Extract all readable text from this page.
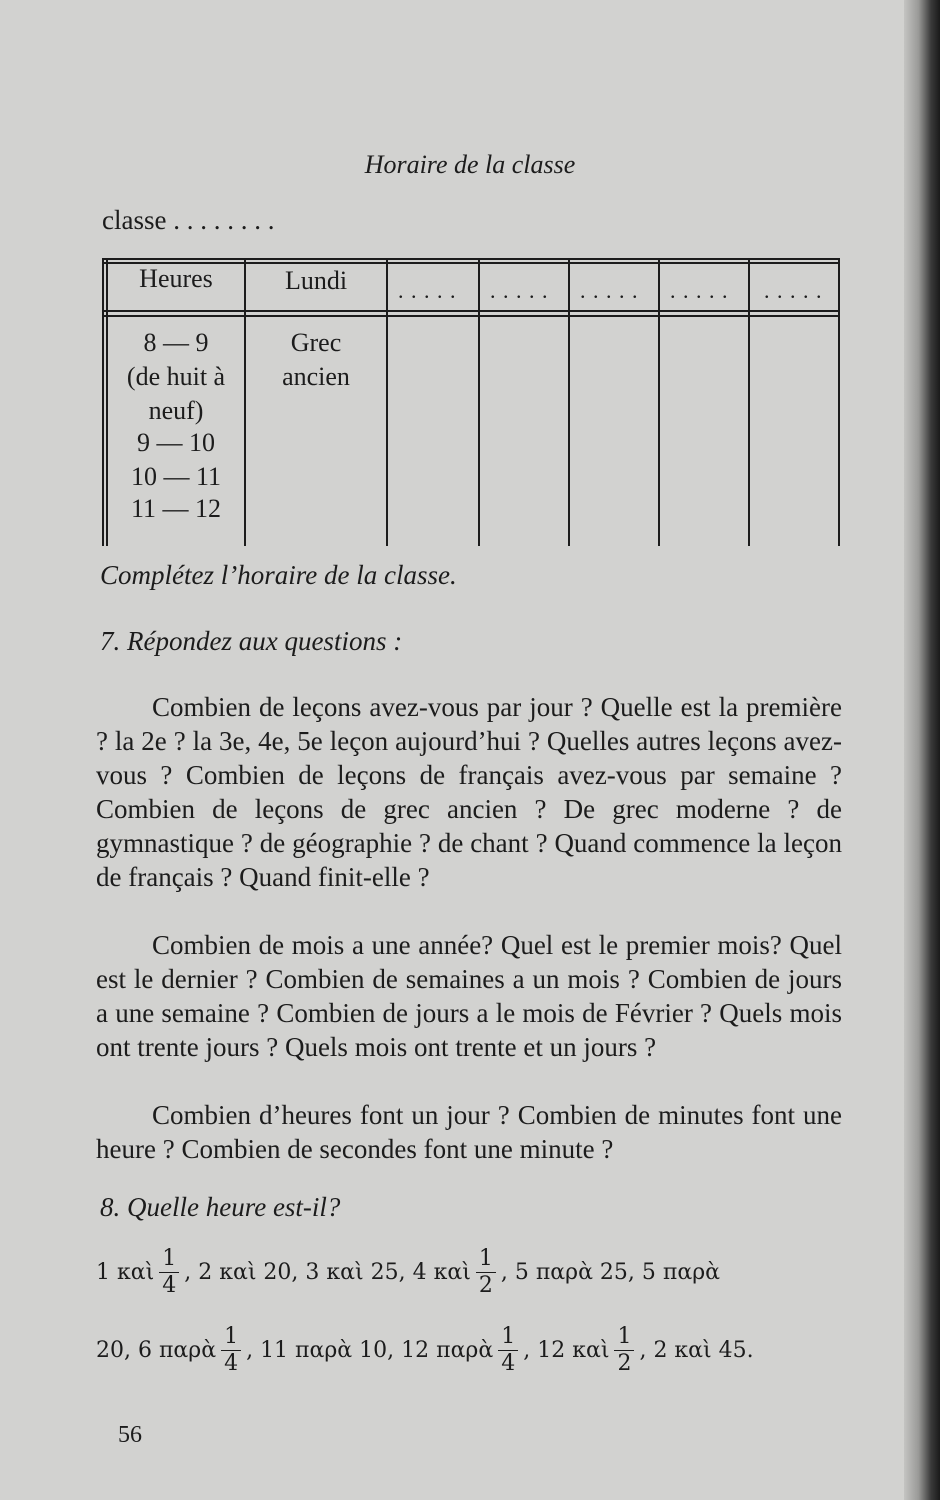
Horaire de la classe
classe . . . . . . . .
Heures	Lundi	. . . . . . . . . . . . . . . . . . . . . . . . .
8 — 9
(de huit à
neuf)
9 — 10
10 — 11
11 — 12
Grec
ancien
Complétez l’horaire de la classe.
7. Répondez aux questions :

Combien de leçons avez-vous par jour ? Quelle est la première ? la 2e ? la 3e, 4e, 5e leçon aujourd’hui ? Quelles autres leçons avez-vous ? Combien de leçons de français avez-vous par semaine ? Combien de leçons de grec ancien ? De grec moderne ? de gymnastique ? de géographie ? de chant ? Quand commence la leçon de français ? Quand finit-elle ?

Combien de mois a une année? Quel est le premier mois? Quel est le dernier ? Combien de semaines a un mois ? Combien de jours a une semaine ? Combien de jours a le mois de Février ? Quels mois ont trente jours ? Quels mois ont trente et un jours ?

Combien d’heures font un jour ? Combien de minutes font une heure ? Combien de secondes font une minute ?

8. Quelle heure est-il?
1 καὶ $\frac{1}{4}$ , 2 καὶ 20, 3 καὶ 25, 4 καὶ $\frac{1}{2}$ , 5 παρὰ 25, 5 παρὰ
20, 6 παρὰ $\frac{1}{4}$ , 11 παρὰ 10, 12 παρὰ $\frac{1}{4}$ , 12 καὶ $\frac{1}{2}$ , 2 καὶ 45.
56
